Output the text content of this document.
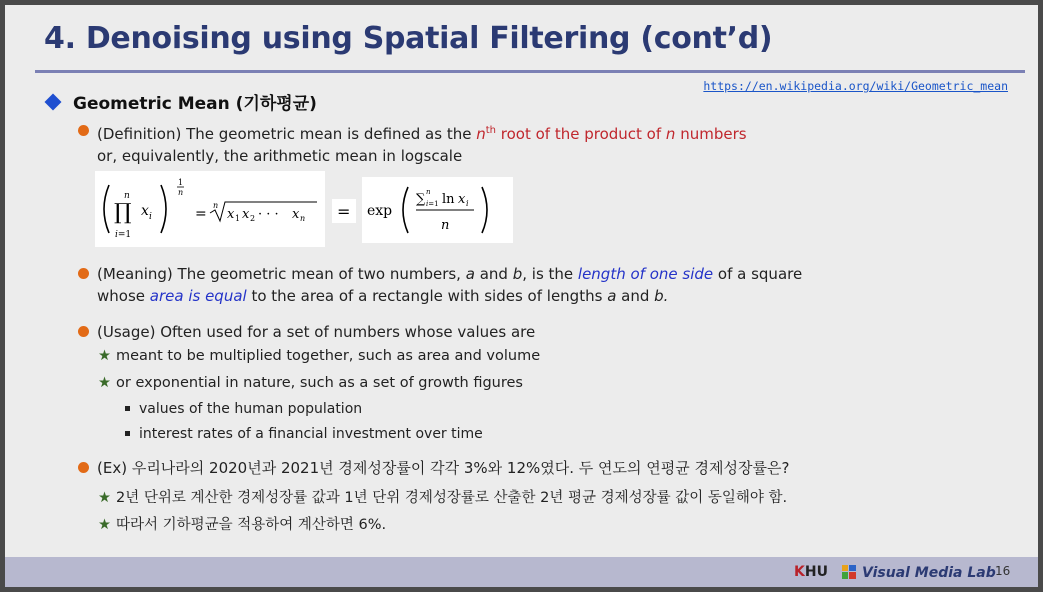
4. Denoising using Spatial Filtering (cont’d)
https://en.wikipedia.org/wiki/Geometric_mean
Geometric Mean (기하평균)
(Definition) The geometric mean is defined as the $n^{th}$ root of the product of n numbers
or, equivalently, the arithmetic mean in logscale
n
∏ x i
i=1
1
n
=
n
x 1 x 2 · · · x n = exp
∑ n
i=1 ln x i
n
(Meaning) The geometric mean of two numbers, a and b, is the length of one side of a square
whose area is equal to the area of a rectangle with sides of lengths a and b.
(Usage) Often used for a set of numbers whose values are
★ meant to be multiplied together, such as area and volume
★ or exponential in nature, such as a set of growth figures
values of the human population
interest rates of a financial investment over time
(Ex) 우리나라의 2020년과 2021년 경제성장률이 각각 3%와 12%였다. 두 연도의 연평균 경제성장률은?
★ 2년 단위로 계산한 경제성장률 값과 1년 단위 경제성장률로 산출한 2년 평균 경제성장률 값이 동일해야 함.
★ 따라서 기하평균을 적용하여 계산하면 6%.
KHU	Visual Media Lab 16
